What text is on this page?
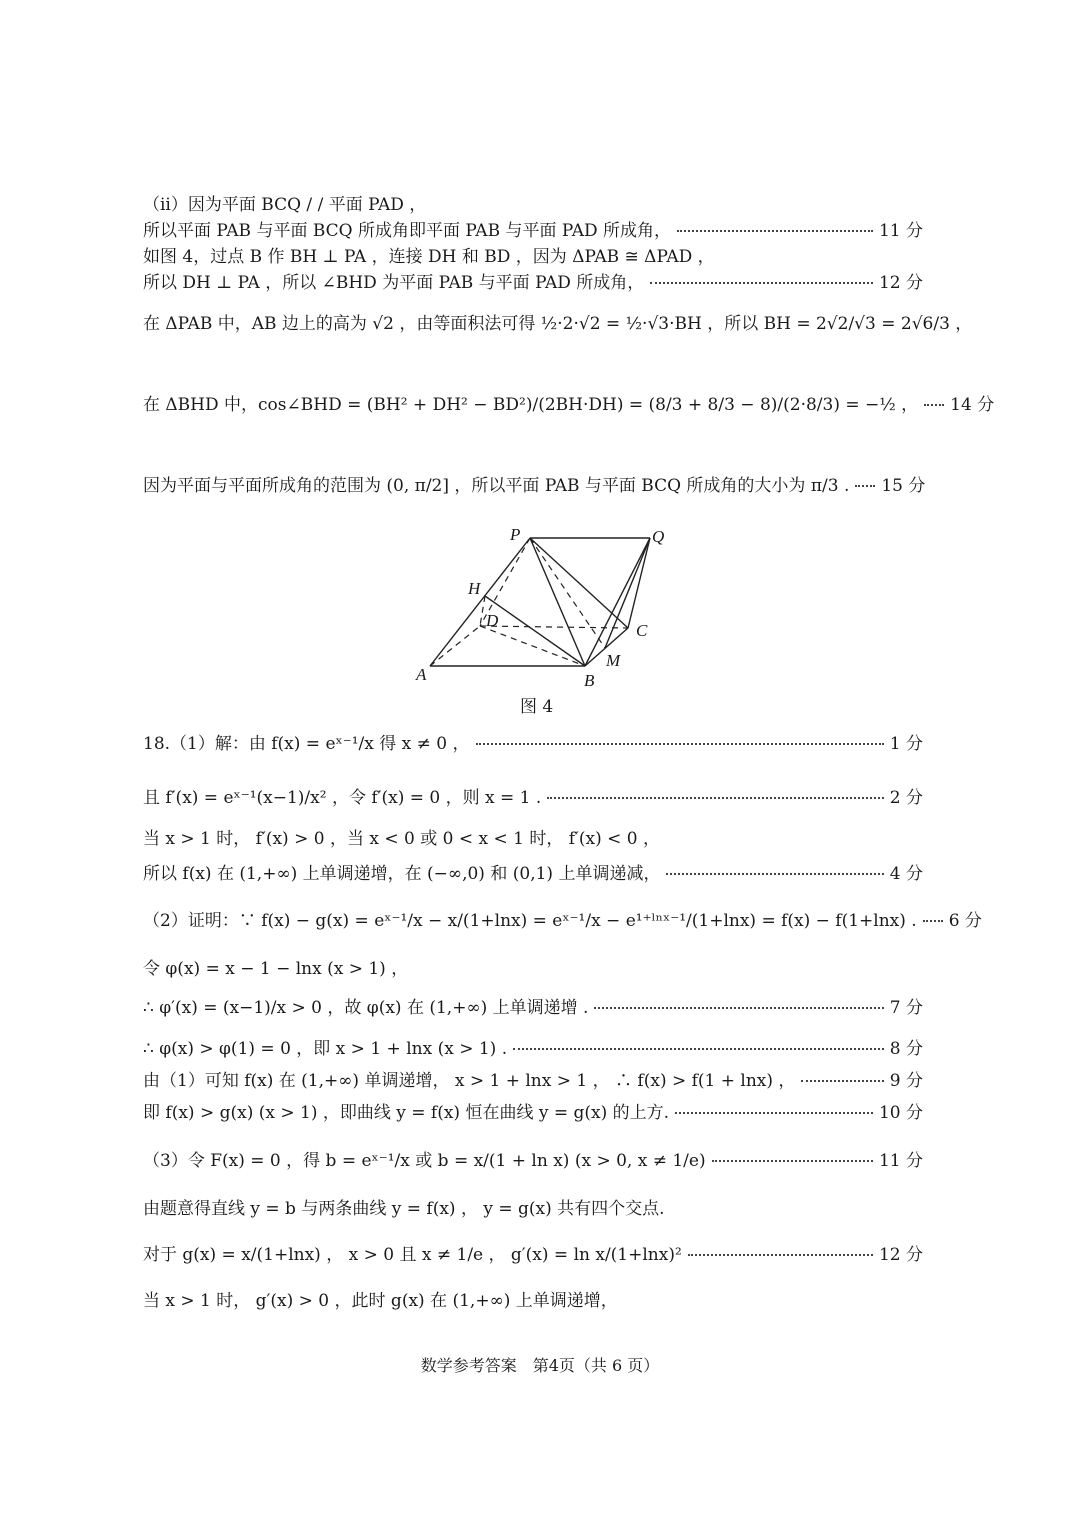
（ii）因为平面 BCQ / / 平面 PAD ，
所以平面 PAB 与平面 BCQ 所成角即平面 PAB 与平面 PAD 所成角，	11 分
如图 4，过点 B 作 BH ⊥ PA ，连接 DH 和 BD ，因为 ΔPAB ≅ ΔPAD ，
所以 DH ⊥ PA ，所以 ∠BHD 为平面 PAB 与平面 PAD 所成角，	12 分
在 ΔPAB 中，AB 边上的高为 √2 ，由等面积法可得 ½·2·√2 = ½·√3·BH ，所以 BH = 2√2/√3 = 2√6/3 ，
在 ΔBHD 中，cos∠BHD = (BH² + DH² − BD²)/(2BH·DH) = (8/3 + 8/3 − 8)/(2·8/3) = −½ ， 14 分
因为平面与平面所成角的范围为 (0, π/2] ，所以平面 PAB 与平面 BCQ 所成角的大小为 π/3 . 15 分
P	Q
H
D
C
A	B
M
图 4
18.（1）解：由 f(x) = eˣ⁻¹/x 得 x ≠ 0 ，	1 分
且 f′(x) = eˣ⁻¹(x−1)/x² ，令 f′(x) = 0 ，则 x = 1 .	2 分
当 x > 1 时， f′(x) > 0 ，当 x < 0 或 0 < x < 1 时， f′(x) < 0 ，
所以 f(x) 在 (1,+∞) 上单调递增，在 (−∞,0) 和 (0,1) 上单调递减，	4 分
（2）证明：∵ f(x) − g(x) = eˣ⁻¹/x − x/(1+lnx) = eˣ⁻¹/x − e¹⁺ˡⁿˣ⁻¹/(1+lnx) = f(x) − f(1+lnx) . 6 分
令 φ(x) = x − 1 − lnx (x > 1) ，
∴ φ′(x) = (x−1)/x > 0 ，故 φ(x) 在 (1,+∞) 上单调递增 .	7 分
∴ φ(x) > φ(1) = 0 ，即 x > 1 + lnx (x > 1) .	8 分
由（1）可知 f(x) 在 (1,+∞) 单调递增， x > 1 + lnx > 1 ， ∴ f(x) > f(1 + lnx) ，	9 分
即 f(x) > g(x) (x > 1) ，即曲线 y = f(x) 恒在曲线 y = g(x) 的上方.	10 分
（3）令 F(x) = 0 ，得 b = eˣ⁻¹/x 或 b = x/(1 + ln x) (x > 0, x ≠ 1/e)	11 分
由题意得直线 y = b 与两条曲线 y = f(x) ， y = g(x) 共有四个交点.
对于 g(x) = x/(1+lnx) ， x > 0 且 x ≠ 1/e ， g′(x) = ln x/(1+lnx)²	12 分
当 x > 1 时， g′(x) > 0 ，此时 g(x) 在 (1,+∞) 上单调递增，
数学参考答案　第4页（共 6 页）
